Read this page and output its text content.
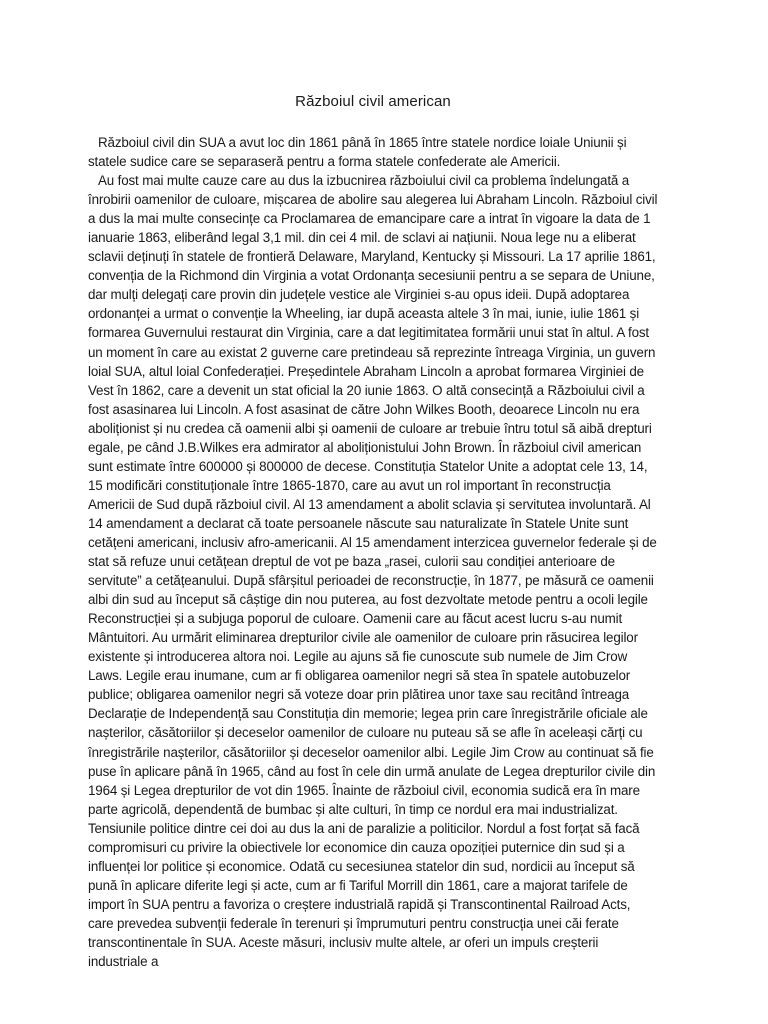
Războiul civil american

Războiul civil din SUA a avut loc din 1861 până în 1865 între statele nordice loiale Uniunii și statele sudice care se separaseră pentru a forma statele confederate ale Americii.

Au fost mai multe cauze care au dus la izbucnirea războiului civil ca problema îndelungată a înrobirii oamenilor de culoare, mișcarea de abolire sau alegerea lui Abraham Lincoln. Războiul civil a dus la mai multe consecințe ca Proclamarea de emancipare care a intrat în vigoare la data de 1 ianuarie 1863, eliberând legal 3,1 mil. din cei 4 mil. de sclavi ai națiunii. Noua lege nu a eliberat sclavii deținuți în statele de frontieră Delaware, Maryland, Kentucky și Missouri. La 17 aprilie 1861, convenția de la Richmond din Virginia a votat Ordonanța secesiunii pentru a se separa de Uniune, dar mulți delegați care provin din județele vestice ale Virginiei s-au opus ideii. După adoptarea ordonanței a urmat o convenție la Wheeling, iar după aceasta altele 3 în mai, iunie, iulie 1861 și formarea Guvernului restaurat din Virginia, care a dat legitimitatea formării unui stat în altul. A fost un moment în care au existat 2 guverne care pretindeau să reprezinte întreaga Virginia, un guvern loial SUA, altul loial Confederației. Președintele Abraham Lincoln a aprobat formarea Virginiei de Vest în 1862, care a devenit un stat oficial la 20 iunie 1863. O altă consecință a Războiului civil a fost asasinarea lui Lincoln. A fost asasinat de către John Wilkes Booth, deoarece Lincoln nu era aboliționist și nu credea că oamenii albi și oamenii de culoare ar trebuie întru totul să aibă drepturi egale, pe când J.B.Wilkes era admirator al aboliționistului John Brown. În războiul civil american sunt estimate între 600000 și 800000 de decese. Constituția Statelor Unite a adoptat cele 13, 14, 15 modificări constituționale între 1865-1870, care au avut un rol important în reconstrucția Americii de Sud după războiul civil. Al 13 amendament a abolit sclavia și servitutea involuntară. Al 14 amendament a declarat că toate persoanele născute sau naturalizate în Statele Unite sunt cetățeni americani, inclusiv afro-americanii. Al 15 amendament interzicea guvernelor federale și de stat să refuze unui cetățean dreptul de vot pe baza „rasei, culorii sau condiției anterioare de servitute” a cetățeanului. După sfârșitul perioadei de reconstrucție, în 1877, pe măsură ce oamenii albi din sud au început să câștige din nou puterea, au fost dezvoltate metode pentru a ocoli legile Reconstrucției și a subjuga poporul de culoare. Oamenii care au făcut acest lucru s-au numit Mântuitori. Au urmărit eliminarea drepturilor civile ale oamenilor de culoare prin răsucirea legilor existente și introducerea altora noi. Legile au ajuns să fie cunoscute sub numele de Jim Crow Laws. Legile erau inumane, cum ar fi obligarea oamenilor negri să stea în spatele autobuzelor publice; obligarea oamenilor negri să voteze doar prin plătirea unor taxe sau recitând întreaga Declarație de Independență sau Constituția din memorie; legea prin care înregistrările oficiale ale nașterilor, căsătoriilor și deceselor oamenilor de culoare nu puteau să se afle în aceleași cărți cu înregistrările nașterilor, căsătoriilor și deceselor oamenilor albi. Legile Jim Crow au continuat să fie puse în aplicare până în 1965, când au fost în cele din urmă anulate de Legea drepturilor civile din 1964 și Legea drepturilor de vot din 1965. Înainte de războiul civil, economia sudică era în mare parte agricolă, dependentă de bumbac și alte culturi, în timp ce nordul era mai industrializat. Tensiunile politice dintre cei doi au dus la ani de paralizie a politicilor. Nordul a fost forțat să facă compromisuri cu privire la obiectivele lor economice din cauza opoziției puternice din sud și a influenței lor politice și economice. Odată cu secesiunea statelor din sud, nordicii au început să pună în aplicare diferite legi și acte, cum ar fi Tariful Morrill din 1861, care a majorat tarifele de import în SUA pentru a favoriza o creștere industrială rapidă și Transcontinental Railroad Acts, care prevedea subvenții federale în terenuri și împrumuturi pentru construcția unei căi ferate transcontinentale în SUA. Aceste măsuri, inclusiv multe altele, ar oferi un impuls creșterii industriale a
